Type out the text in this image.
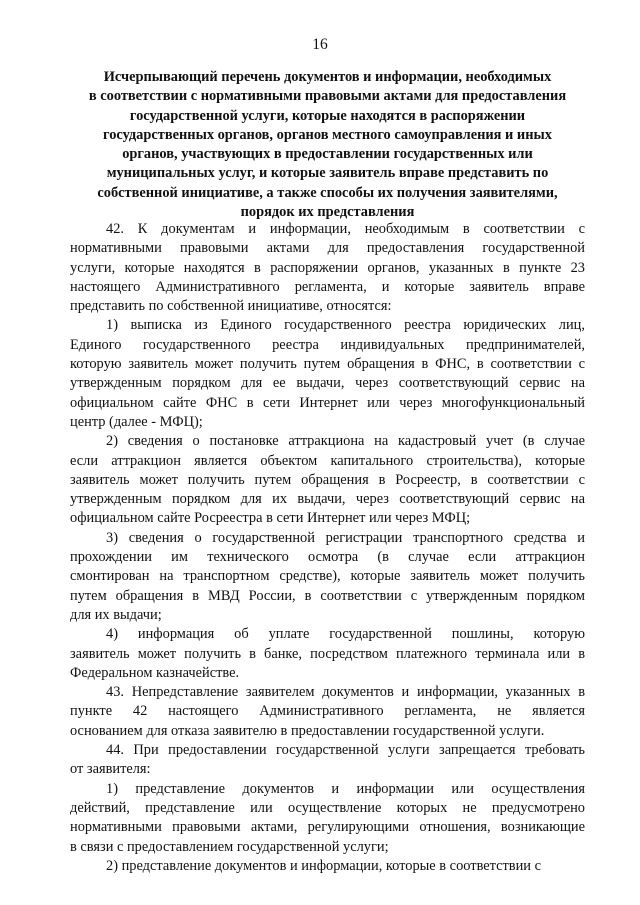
16
Исчерпывающий перечень документов и информации, необходимых
в соответствии с нормативными правовыми актами для предоставления
государственной услуги, которые находятся в распоряжении
государственных органов, органов местного самоуправления и иных
органов, участвующих в предоставлении государственных или
муниципальных услуг, и которые заявитель вправе представить по
собственной инициативе, а также способы их получения заявителями,
порядок их представления
42. К документам и информации, необходимым в соответствии с
нормативными правовыми актами для предоставления государственной
услуги, которые находятся в распоряжении органов, указанных в пункте 23
настоящего Административного регламента, и которые заявитель вправе
представить по собственной инициативе, относятся:
1) выписка из Единого государственного реестра юридических лиц,
Единого государственного реестра индивидуальных предпринимателей,
которую заявитель может получить путем обращения в ФНС, в соответствии с
утвержденным порядком для ее выдачи, через соответствующий сервис на
официальном сайте ФНС в сети Интернет или через многофункциональный
центр (далее - МФЦ);
2) сведения о постановке аттракциона на кадастровый учет (в случае
если аттракцион является объектом капитального строительства), которые
заявитель может получить путем обращения в Росреестр, в соответствии с
утвержденным порядком для их выдачи, через соответствующий сервис на
официальном сайте Росреестра в сети Интернет или через МФЦ;
3) сведения о государственной регистрации транспортного средства и
прохождении им технического осмотра (в случае если аттракцион
смонтирован на транспортном средстве), которые заявитель может получить
путем обращения в МВД России, в соответствии с утвержденным порядком
для их выдачи;
4) информация об уплате государственной пошлины, которую
заявитель может получить в банке, посредством платежного терминала или в
Федеральном казначействе.
43. Непредставление заявителем документов и информации, указанных в
пункте 42 настоящего Административного регламента, не является
основанием для отказа заявителю в предоставлении государственной услуги.
44. При предоставлении государственной услуги запрещается требовать
от заявителя:
1) представление документов и информации или осуществления
действий, представление или осуществление которых не предусмотрено
нормативными правовыми актами, регулирующими отношения, возникающие
в связи с предоставлением государственной услуги;
2) представление документов и информации, которые в соответствии с
